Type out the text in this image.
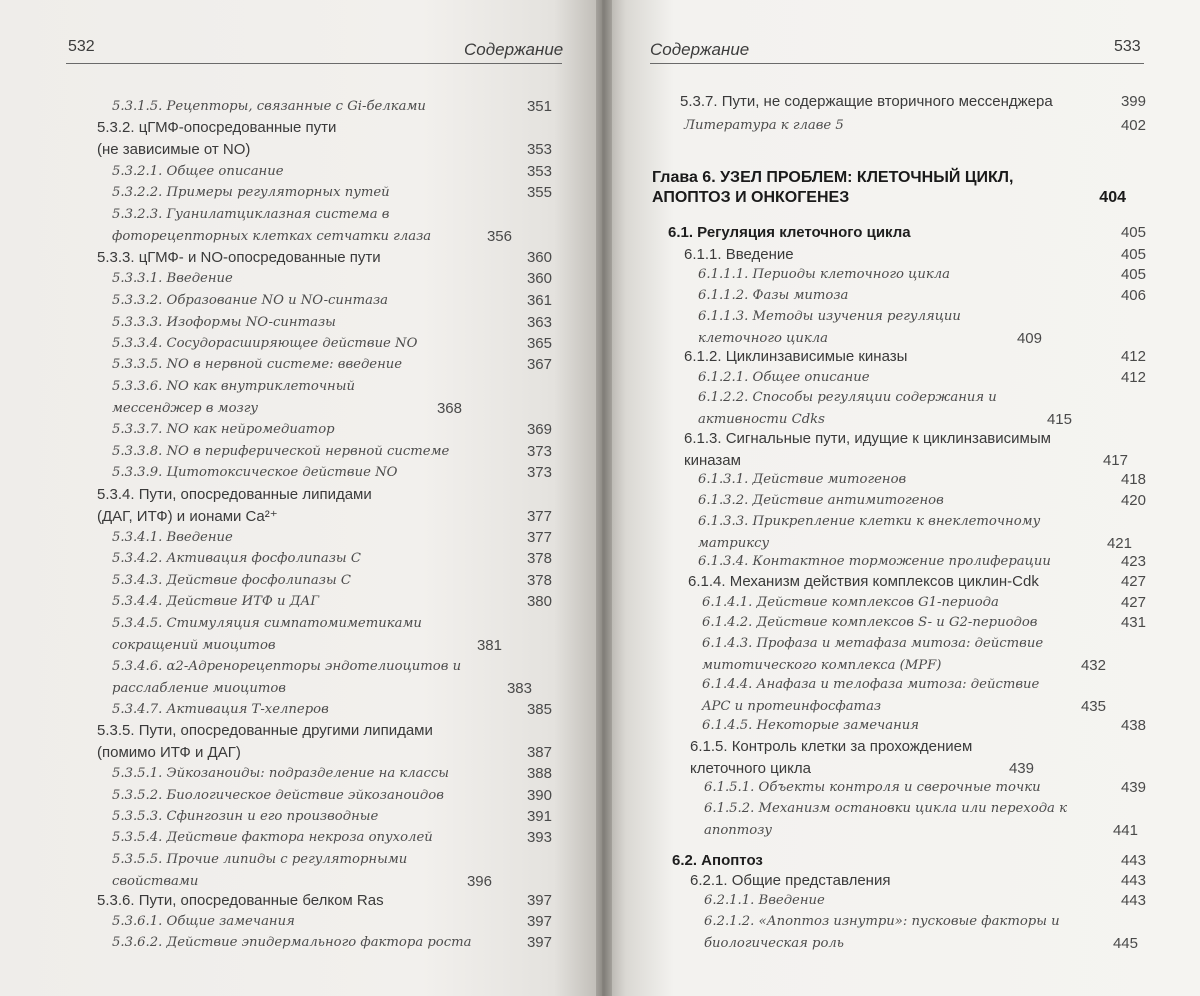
532	Содержание
5.3.1.5. Рецепторы, связанные с Gi-белками	351
5.3.2. цГМФ-опосредованные пути
(не зависимые от NO)	353
5.3.2.1. Общее описание	353
5.3.2.2. Примеры регуляторных путей	355
5.3.2.3. Гуанилатциклазная система в фоторецепторных клетках сетчатки глаза	356
5.3.3. цГМФ- и NO-опосредованные пути	360
5.3.3.1. Введение	360
5.3.3.2. Образование NO и NO-синтаза	361
5.3.3.3. Изоформы NO-синтазы	363
5.3.3.4. Сосудорасширяющее действие NO	365
5.3.3.5. NO в нервной системе: введение	367
5.3.3.6. NO как внутриклеточный мессенджер в мозгу	368
5.3.3.7. NO как нейромедиатор	369
5.3.3.8. NO в периферической нервной системе	373
5.3.3.9. Цитотоксическое действие NO	373
5.3.4. Пути, опосредованные липидами
(ДАГ, ИТФ) и ионами Ca²⁺	377
5.3.4.1. Введение	377
5.3.4.2. Активация фосфолипазы С	378
5.3.4.3. Действие фосфолипазы С	378
5.3.4.4. Действие ИТФ и ДАГ	380
5.3.4.5. Стимуляция симпатомиметиками сокращений миоцитов	381
5.3.4.6. α2-Адренорецепторы эндотелиоцитов и расслабление миоцитов	383
5.3.4.7. Активация Т-хелперов	385
5.3.5. Пути, опосредованные другими липидами
(помимо ИТФ и ДАГ)	387
5.3.5.1. Эйкозаноиды: подразделение на классы	388
5.3.5.2. Биологическое действие эйкозаноидов	390
5.3.5.3. Сфингозин и его производные	391
5.3.5.4. Действие фактора некроза опухолей	393
5.3.5.5. Прочие липиды с регуляторными свойствами	396
5.3.6. Пути, опосредованные белком Ras	397
5.3.6.1. Общие замечания	397
5.3.6.2. Действие эпидермального фактора роста	397
Содержание	533
5.3.7. Пути, не содержащие вторичного мессенджера	399
Литература к главе 5	402
Глава 6. УЗЕЛ ПРОБЛЕМ: КЛЕТОЧНЫЙ ЦИКЛ, АПОПТОЗ И ОНКОГЕНЕЗ	404
6.1. Регуляция клеточного цикла	405
6.1.1. Введение	405
6.1.1.1. Периоды клеточного цикла	405
6.1.1.2. Фазы митоза	406
6.1.1.3. Методы изучения регуляции клеточного цикла	409
6.1.2. Циклинзависимые киназы	412
6.1.2.1. Общее описание	412
6.1.2.2. Способы регуляции содержания и активности Cdks	415
6.1.3. Сигнальные пути, идущие к циклинзависимым киназам	417
6.1.3.1. Действие митогенов	418
6.1.3.2. Действие антимитогенов	420
6.1.3.3. Прикрепление клетки к внеклеточному матриксу	421
6.1.3.4. Контактное торможение пролиферации	423
6.1.4. Механизм действия комплексов циклин-Cdk	427
6.1.4.1. Действие комплексов G1-периода	427
6.1.4.2. Действие комплексов S- и G2-периодов	431
6.1.4.3. Профаза и метафаза митоза: действие митотического комплекса (MPF)	432
6.1.4.4. Анафаза и телофаза митоза: действие APC и протеинфосфатаз	435
6.1.4.5. Некоторые замечания	438
6.1.5. Контроль клетки за прохождением клеточного цикла	439
6.1.5.1. Объекты контроля и сверочные точки	439
6.1.5.2. Механизм остановки цикла или перехода к апоптозу	441
6.2. Апоптоз	443
6.2.1. Общие представления	443
6.2.1.1. Введение	443
6.2.1.2. «Апоптоз изнутри»: пусковые факторы и биологическая роль	445
